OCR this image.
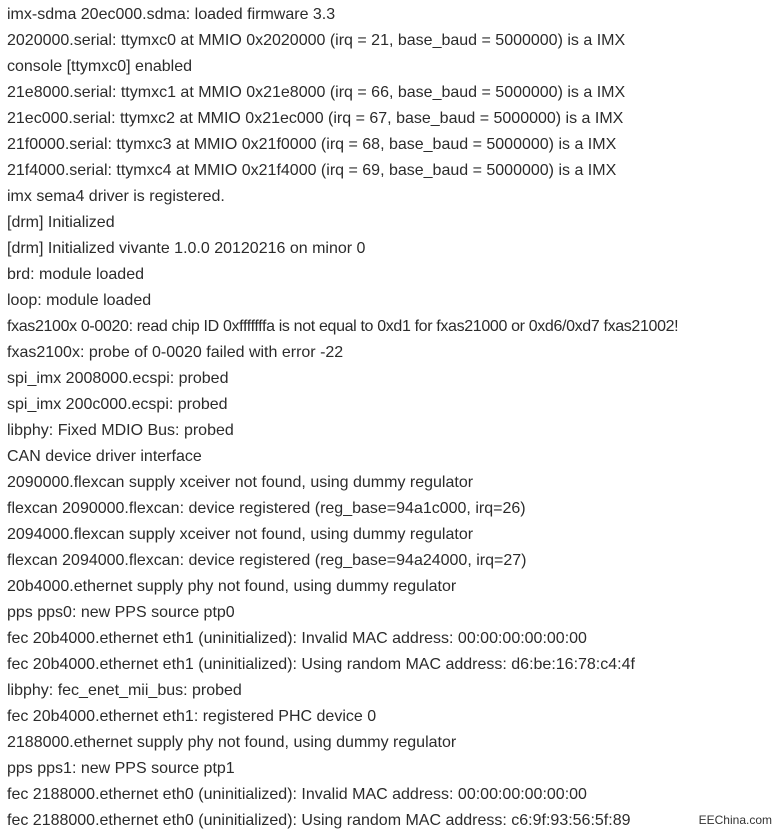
imx-sdma 20ec000.sdma: loaded firmware 3.3
2020000.serial: ttymxc0 at MMIO 0x2020000 (irq = 21, base_baud = 5000000) is a IMX
console [ttymxc0] enabled
21e8000.serial: ttymxc1 at MMIO 0x21e8000 (irq = 66, base_baud = 5000000) is a IMX
21ec000.serial: ttymxc2 at MMIO 0x21ec000 (irq = 67, base_baud = 5000000) is a IMX
21f0000.serial: ttymxc3 at MMIO 0x21f0000 (irq = 68, base_baud = 5000000) is a IMX
21f4000.serial: ttymxc4 at MMIO 0x21f4000 (irq = 69, base_baud = 5000000) is a IMX
imx sema4 driver is registered.
[drm] Initialized
[drm] Initialized vivante 1.0.0 20120216 on minor 0
brd: module loaded
loop: module loaded
fxas2100x 0-0020: read chip ID 0xfffffffa is not equal to 0xd1 for fxas21000 or 0xd6/0xd7 fxas21002!
fxas2100x: probe of 0-0020 failed with error -22
spi_imx 2008000.ecspi: probed
spi_imx 200c000.ecspi: probed
libphy: Fixed MDIO Bus: probed
CAN device driver interface
2090000.flexcan supply xceiver not found, using dummy regulator
flexcan 2090000.flexcan: device registered (reg_base=94a1c000, irq=26)
2094000.flexcan supply xceiver not found, using dummy regulator
flexcan 2094000.flexcan: device registered (reg_base=94a24000, irq=27)
20b4000.ethernet supply phy not found, using dummy regulator
pps pps0: new PPS source ptp0
fec 20b4000.ethernet eth1 (uninitialized): Invalid MAC address: 00:00:00:00:00:00
fec 20b4000.ethernet eth1 (uninitialized): Using random MAC address: d6:be:16:78:c4:4f
libphy: fec_enet_mii_bus: probed
fec 20b4000.ethernet eth1: registered PHC device 0
2188000.ethernet supply phy not found, using dummy regulator
pps pps1: new PPS source ptp1
fec 2188000.ethernet eth0 (uninitialized): Invalid MAC address: 00:00:00:00:00:00
fec 2188000.ethernet eth0 (uninitialized): Using random MAC address: c6:9f:93:56:5f:89	EEChina.com
